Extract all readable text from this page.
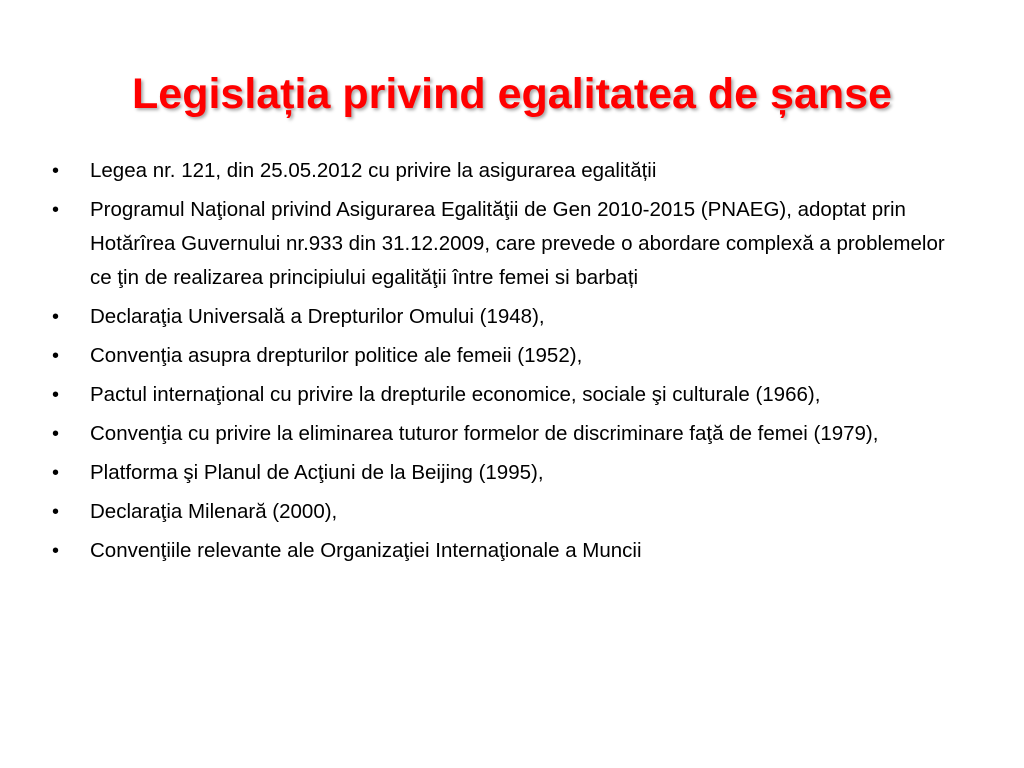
Legislația privind egalitatea de șanse
•	Legea nr. 121, din 25.05.2012 cu privire la asigurarea egalității
•	Programul Naţional privind Asigurarea Egalităţii de Gen 2010-2015 (PNAEG), adoptat prin Hotărîrea Guvernului nr.933 din 31.12.2009, care prevede o abordare complexă a problemelor ce ţin de realizarea principiului egalităţii între femei si barbați
•	Declaraţia Universală a Drepturilor Omului (1948),
•	Convenţia asupra drepturilor politice ale femeii (1952),
•	Pactul internaţional cu privire la drepturile economice, sociale şi culturale (1966),
•	Convenţia cu privire la eliminarea tuturor formelor de discriminare faţă de femei (1979),
•	Platforma şi Planul de Acţiuni de la Beijing (1995),
•	Declaraţia Milenară (2000),
•	Convenţiile relevante ale Organizaţiei Internaţionale a Muncii
